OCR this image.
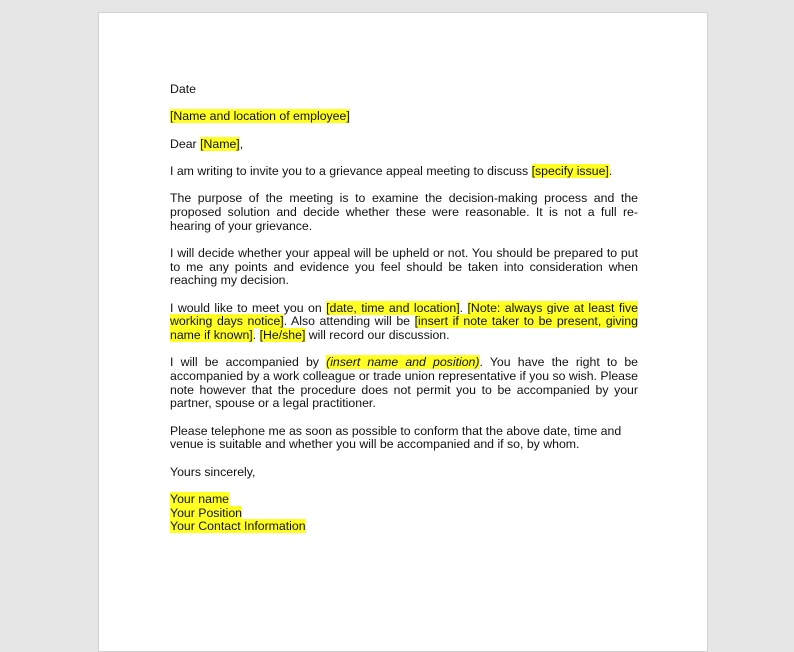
Date

[Name and location of employee]

Dear [Name],

I am writing to invite you to a grievance appeal meeting to discuss [specify issue].

The purpose of the meeting is to examine the decision-making process and the proposed solution and decide whether these were reasonable. It is not a full re-hearing of your grievance.

I will decide whether your appeal will be upheld or not. You should be prepared to put to me any points and evidence you feel should be taken into consideration when reaching my decision.

I would like to meet you on [date, time and location]. [Note: always give at least five working days notice]. Also attending will be [insert if note taker to be present, giving name if known]. [He/she] will record our discussion.

I will be accompanied by (insert name and position). You have the right to be accompanied by a work colleague or trade union representative if you so wish. Please note however that the procedure does not permit you to be accompanied by your partner, spouse or a legal practitioner.

Please telephone me as soon as possible to conform that the above date, time and venue is suitable and whether you will be accompanied and if so, by whom.

Yours sincerely,

Your name

Your Position

Your Contact Information
